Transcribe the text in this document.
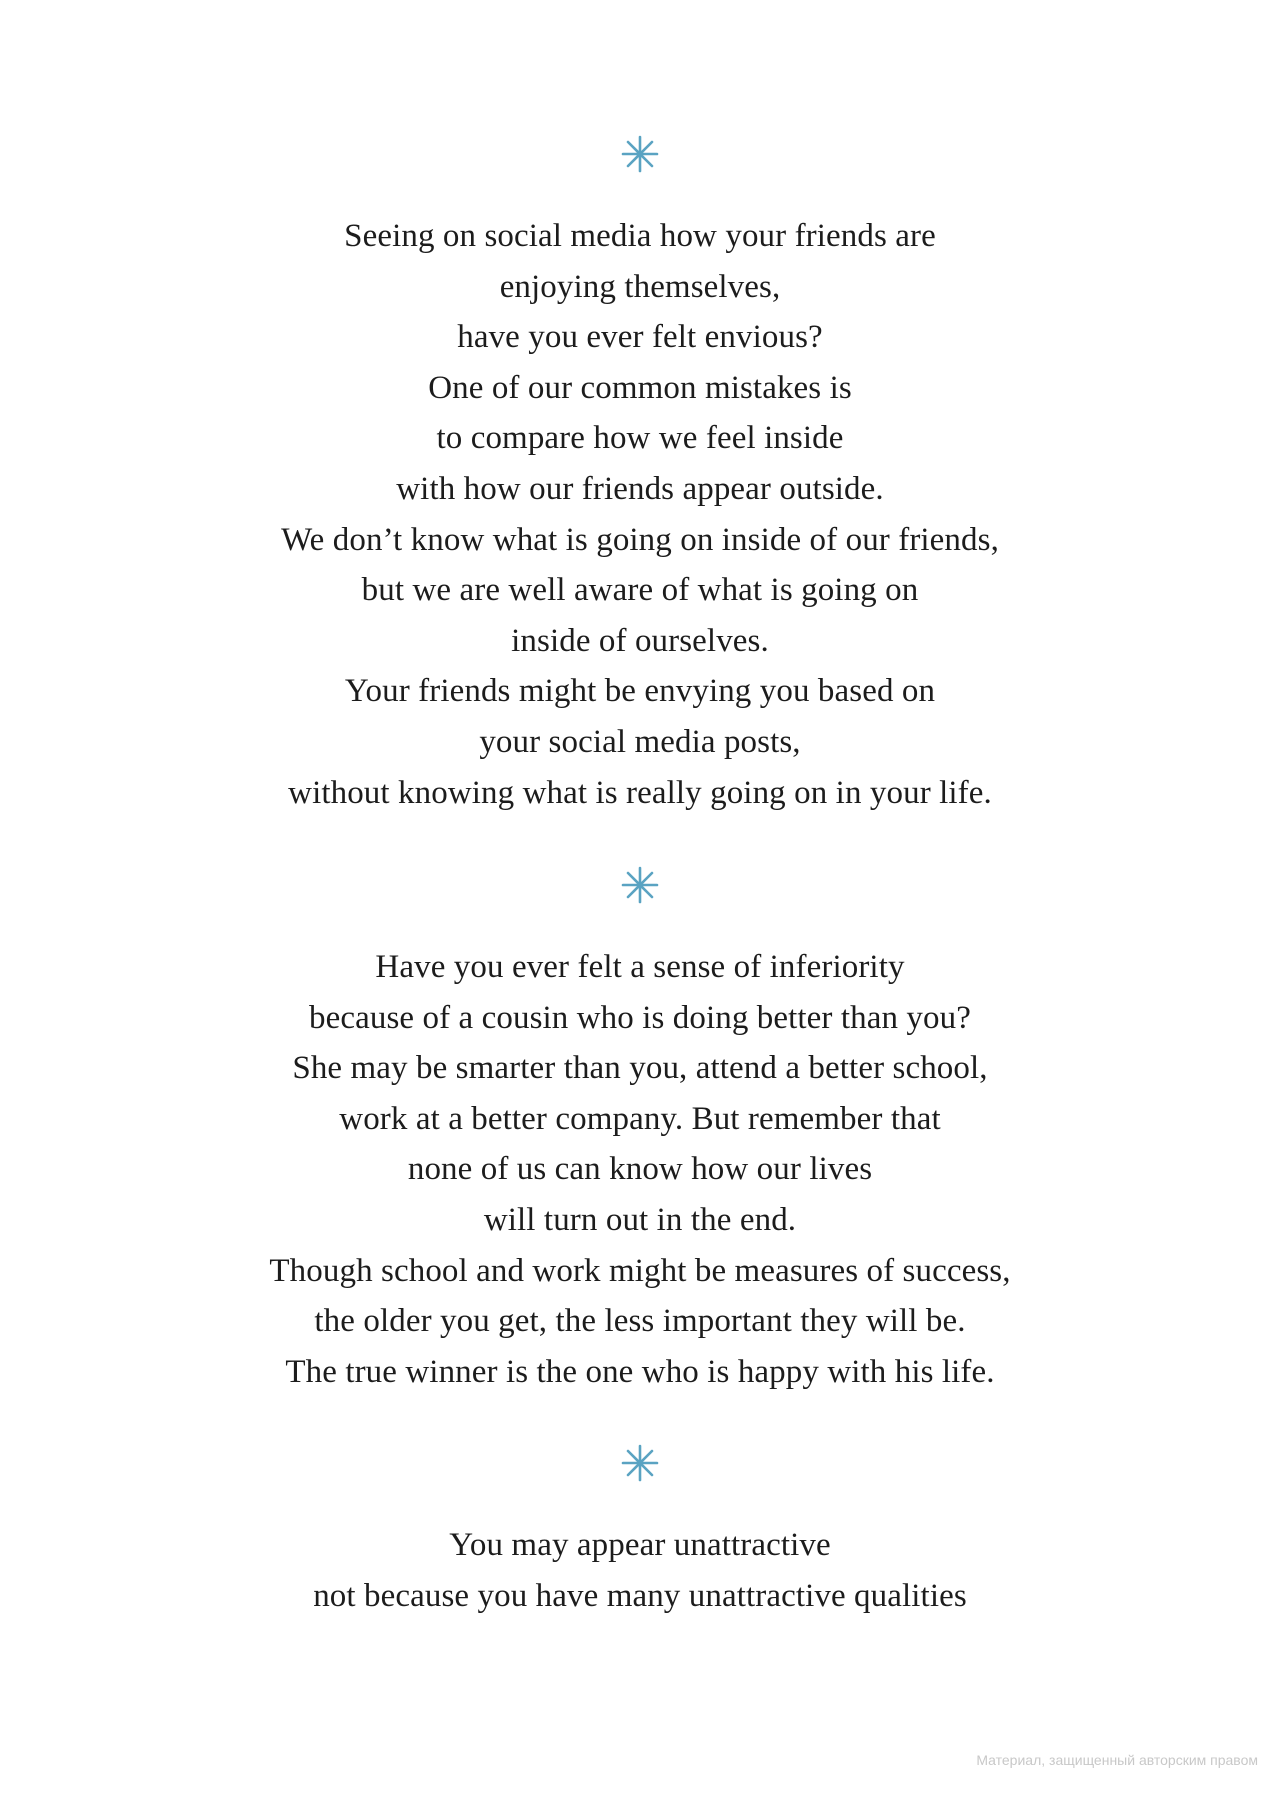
Seeing on social media how your friends are
enjoying themselves,
have you ever felt envious?
One of our common mistakes is
to compare how we feel inside
with how our friends appear outside.
We don’t know what is going on inside of our friends,
but we are well aware of what is going on
inside of ourselves.
Your friends might be envying you based on
your social media posts,
without knowing what is really going on in your life.
Have you ever felt a sense of inferiority
because of a cousin who is doing better than you?
She may be smarter than you, attend a better school,
work at a better company. But remember that
none of us can know how our lives
will turn out in the end.
Though school and work might be measures of success,
the older you get, the less important they will be.
The true winner is the one who is happy with his life.
You may appear unattractive
not because you have many unattractive qualities
Материал, защищенный авторским правом
